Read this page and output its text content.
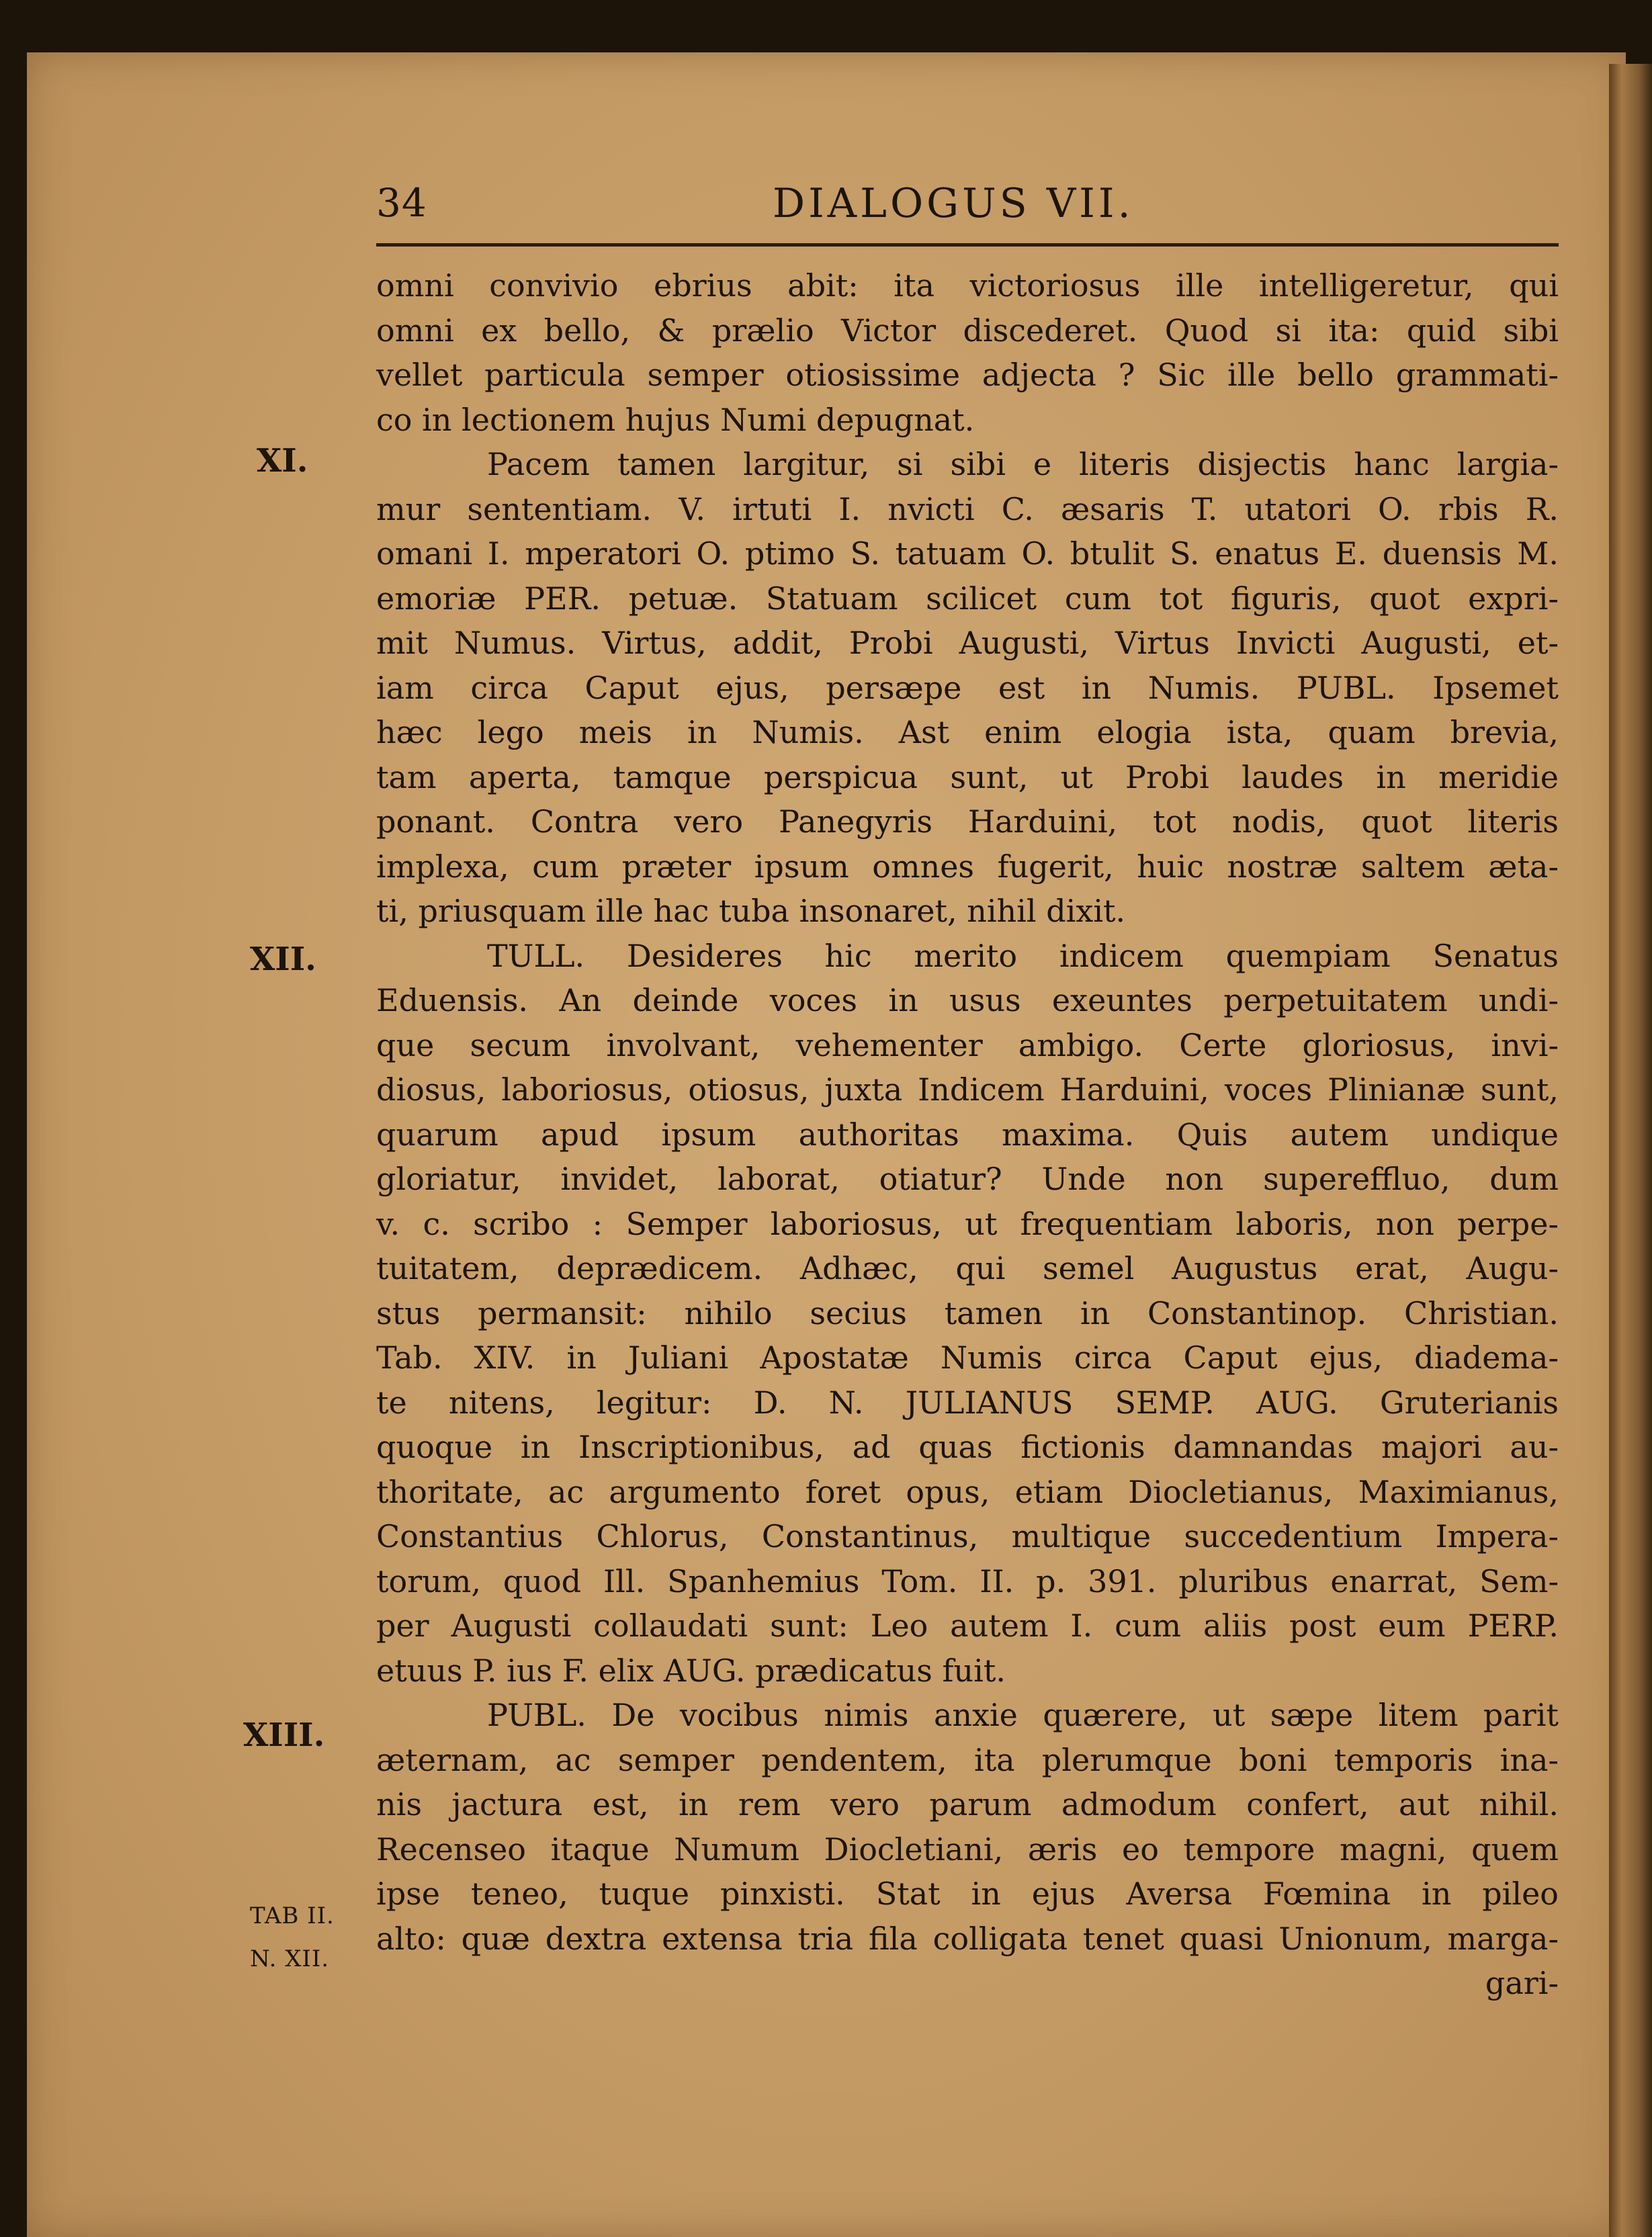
34	DIALOGUS VII.
XI.
XII.
XIII.
TAB II.
N. XII.
omni convivio ebrius abit: ita victoriosus ille intelligeretur, qui
omni ex bello, & prælio Victor discederet. Quod si ita: quid sibi
vellet particula semper otiosissime adjecta ? Sic ille bello grammati-
co in lectionem hujus Numi depugnat.
Pacem tamen largitur, si sibi e literis disjectis hanc largia-
mur sententiam. V. irtuti I. nvicti C. æsaris T. utatori O. rbis R.
omani I. mperatori O. ptimo S. tatuam O. btulit S. enatus E. duensis M.
emoriæ PER. petuæ. Statuam scilicet cum tot figuris, quot expri-
mit Numus. Virtus, addit, Probi Augusti, Virtus Invicti Augusti, et-
iam circa Caput ejus, persæpe est in Numis. PUBL. Ipsemet
hæc lego meis in Numis. Ast enim elogia ista, quam brevia,
tam aperta, tamque perspicua sunt, ut Probi laudes in meridie
ponant. Contra vero Panegyris Harduini, tot nodis, quot literis
implexa, cum præter ipsum omnes fugerit, huic nostræ saltem æta-
ti, priusquam ille hac tuba insonaret, nihil dixit.
TULL. Desideres hic merito indicem quempiam Senatus
Eduensis. An deinde voces in usus exeuntes perpetuitatem undi-
que secum involvant, vehementer ambigo. Certe gloriosus, invi-
diosus, laboriosus, otiosus, juxta Indicem Harduini, voces Plinianæ sunt,
quarum apud ipsum authoritas maxima. Quis autem undique
gloriatur, invidet, laborat, otiatur? Unde non supereffluo, dum
v. c. scribo : Semper laboriosus, ut frequentiam laboris, non perpe-
tuitatem, deprædicem. Adhæc, qui semel Augustus erat, Augu-
stus permansit: nihilo secius tamen in Constantinop. Christian.
Tab. XIV. in Juliani Apostatæ Numis circa Caput ejus, diadema-
te nitens, legitur: D. N. JULIANUS SEMP. AUG. Gruterianis
quoque in Inscriptionibus, ad quas fictionis damnandas majori au-
thoritate, ac argumento foret opus, etiam Diocletianus, Maximianus,
Constantius Chlorus, Constantinus, multique succedentium Impera-
torum, quod Ill. Spanhemius Tom. II. p. 391. pluribus enarrat, Sem-
per Augusti collaudati sunt: Leo autem I. cum aliis post eum PERP.
etuus P. ius F. elix AUG. prædicatus fuit.
PUBL. De vocibus nimis anxie quærere, ut sæpe litem parit
æternam, ac semper pendentem, ita plerumque boni temporis ina-
nis jactura est, in rem vero parum admodum confert, aut nihil.
Recenseo itaque Numum Diocletiani, æris eo tempore magni, quem
ipse teneo, tuque pinxisti. Stat in ejus Aversa Fœmina in pileo
alto: quæ dextra extensa tria fila colligata tenet quasi Unionum, marga-
gari-
